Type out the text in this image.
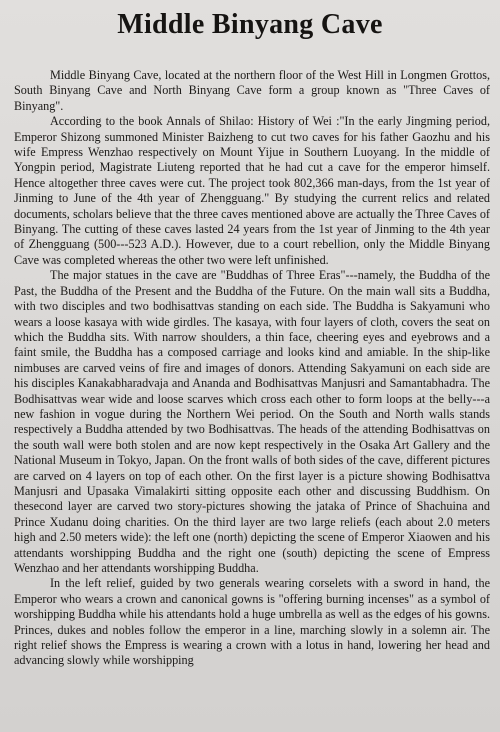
Middle Binyang Cave

Middle Binyang Cave, located at the northern floor of the West Hill in Longmen Grottos, South Binyang Cave and North Binyang Cave form a group known as "Three Caves of Binyang".

According to the book Annals of Shilao: History of Wei :"In the early Jingming period, Emperor Shizong summoned Minister Baizheng to cut two caves for his father Gaozhu and his wife Empress Wenzhao respectively on Mount Yijue in Southern Luoyang. In the middle of Yongpin period, Magistrate Liuteng reported that he had cut a cave for the emperor himself. Hence altogether three caves were cut. The project took 802,366 man-days, from the 1st year of Jinming to June of the 4th year of Zhengguang." By studying the current relics and related documents, scholars believe that the three caves mentioned above are actually the Three Caves of Binyang. The cutting of these caves lasted 24 years from the 1st year of Jinming to the 4th year of Zhengguang (500---523 A.D.). However, due to a court rebellion, only the Middle Binyang Cave was completed whereas the other two were left unfinished.

The major statues in the cave are "Buddhas of Three Eras"---namely, the Buddha of the Past, the Buddha of the Present and the Buddha of the Future. On the main wall sits a Buddha, with two disciples and two bodhisattvas standing on each side. The Buddha is Sakyamuni who wears a loose kasaya with wide girdles. The kasaya, with four layers of cloth, covers the seat on which the Buddha sits. With narrow shoulders, a thin face, cheering eyes and eyebrows and a faint smile, the Buddha has a composed carriage and looks kind and amiable. In the ship-like nimbuses are carved veins of fire and images of donors. Attending Sakyamuni on each side are his disciples Kanakabharadvaja and Ananda and Bodhisattvas Manjusri and Samantabhadra. The Bodhisattvas wear wide and loose scarves which cross each other to form loops at the belly---a new fashion in vogue during the Northern Wei period. On the South and North walls stands respectively a Buddha attended by two Bodhisattvas. The heads of the attending Bodhisattvas on the south wall were both stolen and are now kept respectively in the Osaka Art Gallery and the National Museum in Tokyo, Japan. On the front walls of both sides of the cave, different pictures are carved on 4 layers on top of each other. On the first layer is a picture showing Bodhisattva Manjusri and Upasaka Vimalakirti sitting opposite each other and discussing Buddhism. On thesecond layer are carved two story-pictures showing the jataka of Prince of Shachuina and Prince Xudanu doing charities. On the third layer are two large reliefs (each about 2.0 meters high and 2.50 meters wide): the left one (north) depicting the scene of Emperor Xiaowen and his attendants worshipping Buddha and the right one (south) depicting the scene of Empress Wenzhao and her attendants worshipping Buddha.

In the left relief, guided by two generals wearing corselets with a sword in hand, the Emperor who wears a crown and canonical gowns is "offering burning incenses" as a symbol of worshipping Buddha while his attendants hold a huge umbrella as well as the edges of his gowns. Princes, dukes and nobles follow the emperor in a line, marching slowly in a solemn air. The right relief shows the Empress is wearing a crown with a lotus in hand, lowering her head and advancing slowly while worshipping
